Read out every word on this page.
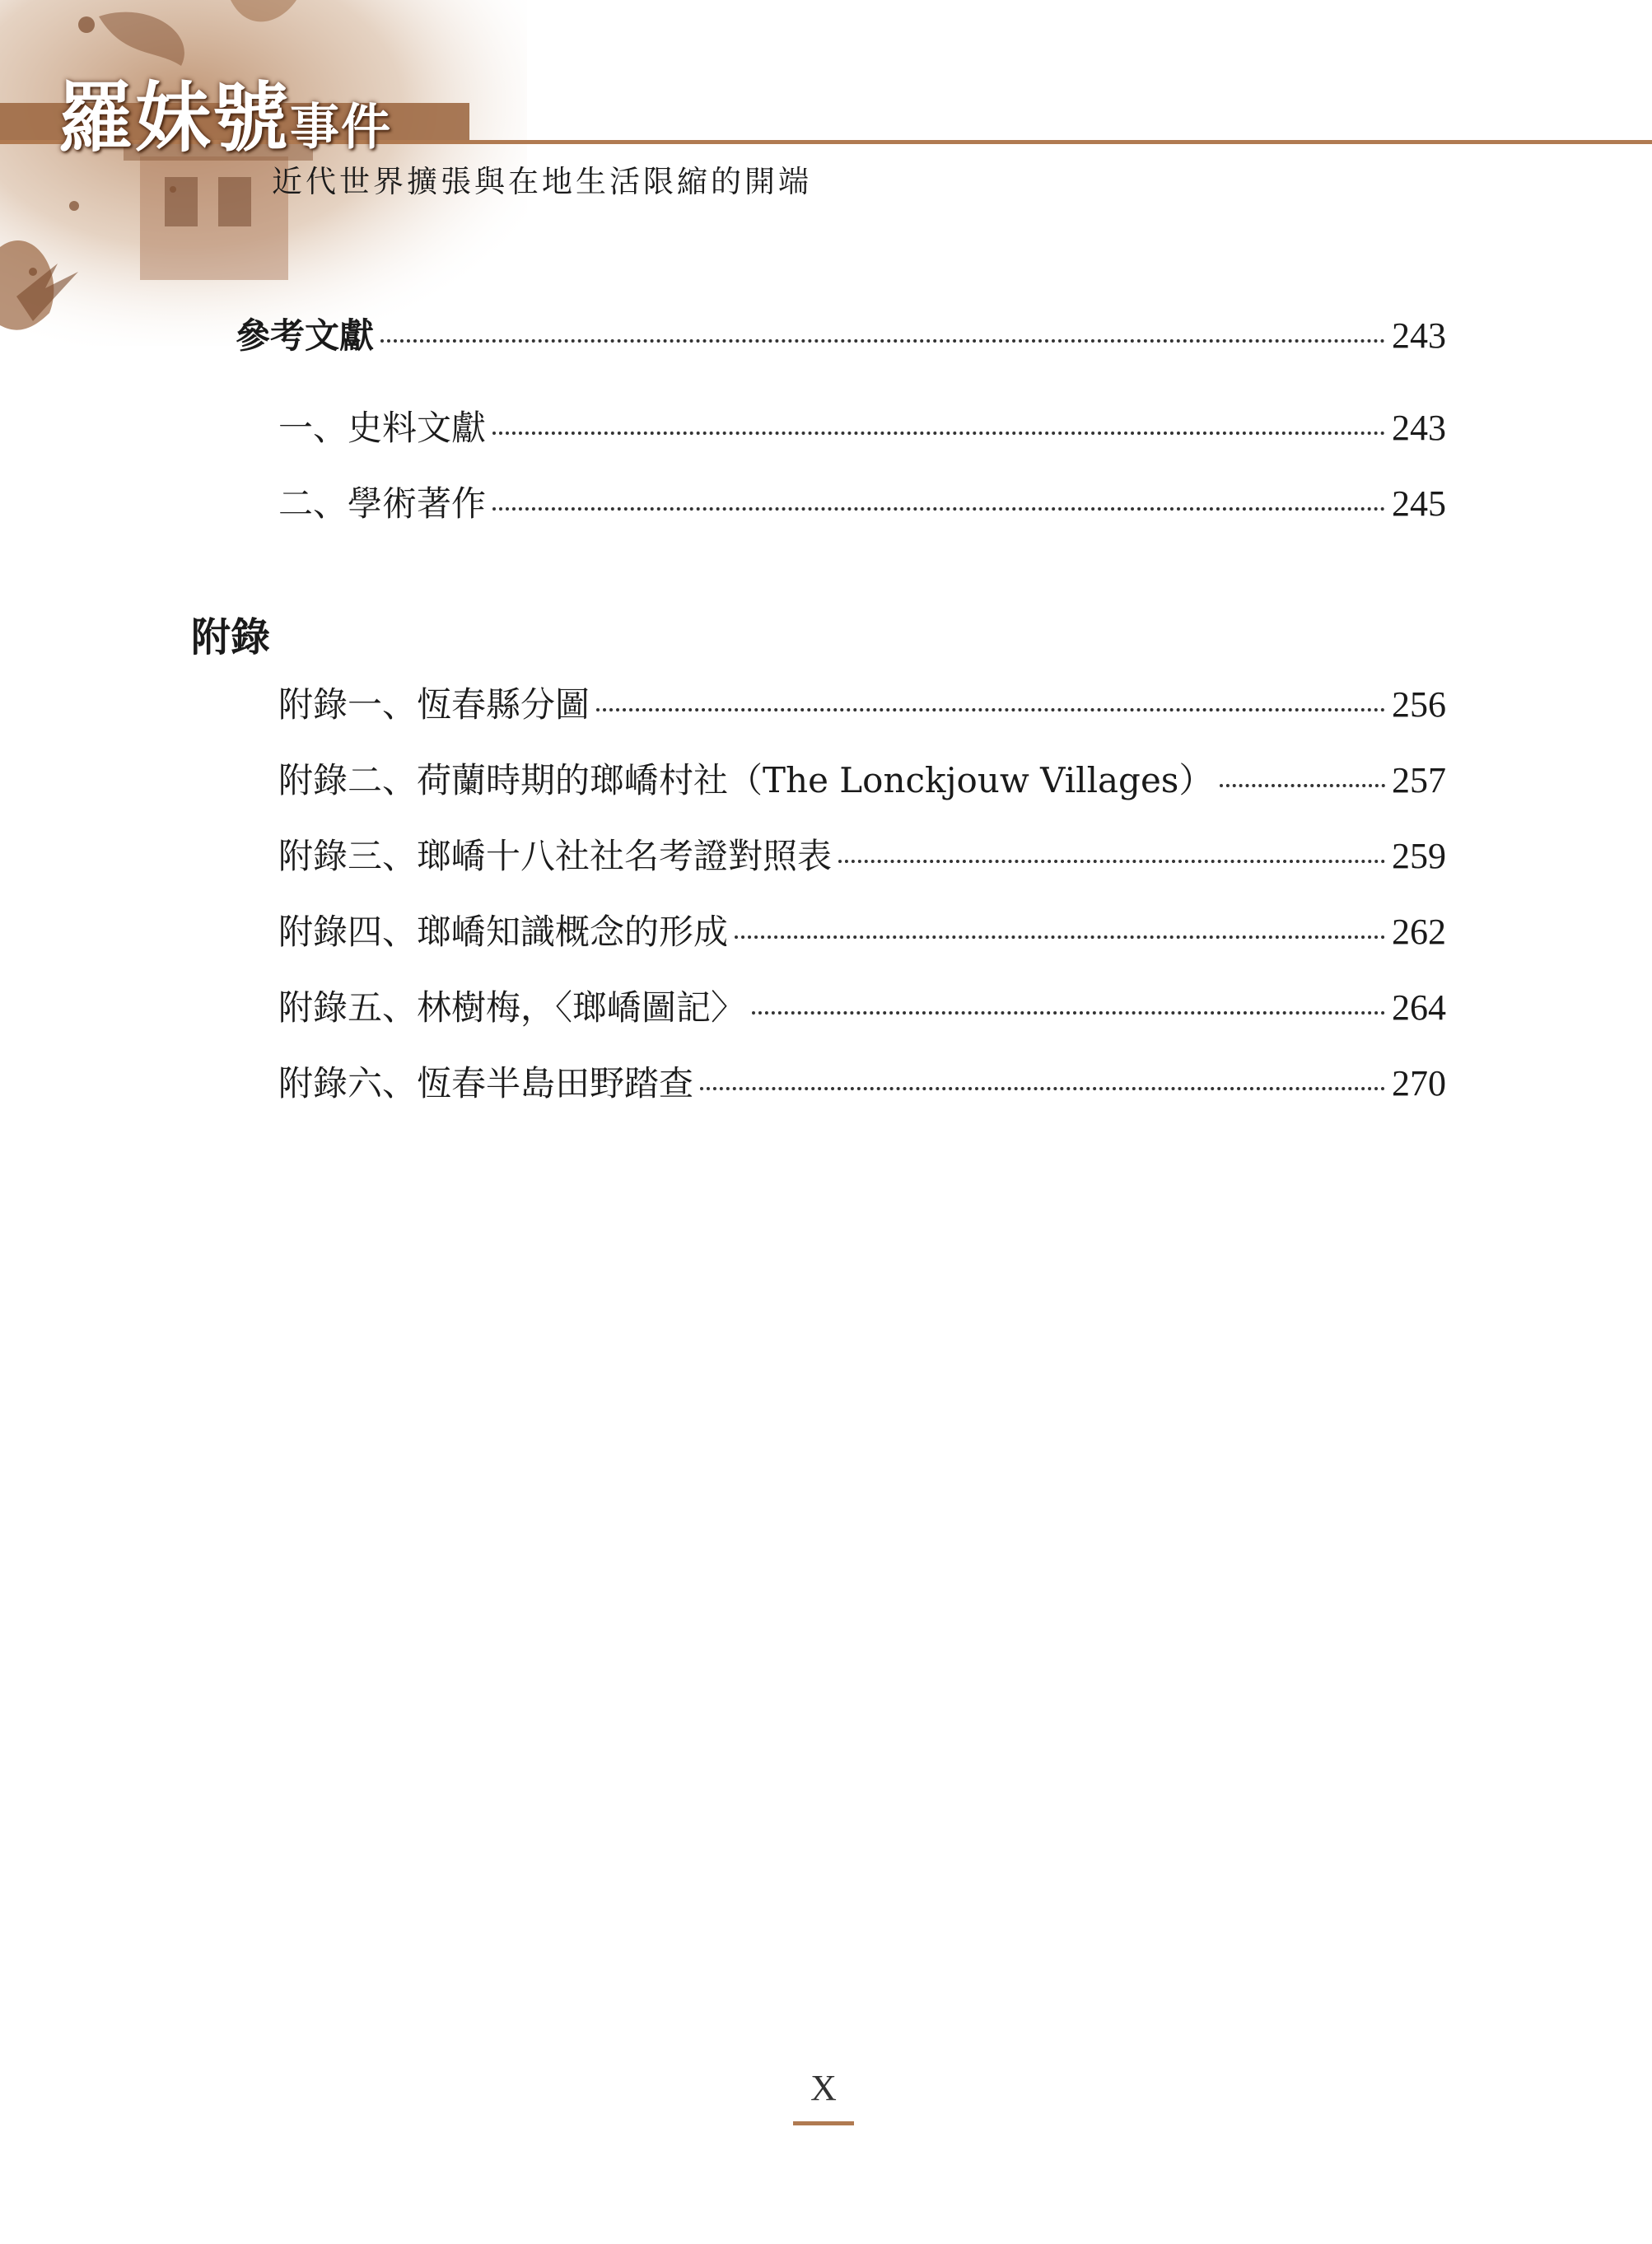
羅妹號事件
近代世界擴張與在地生活限縮的開端
參考文獻	243
一、史料文獻	243
二、學術著作	245
附錄
附錄一、恆春縣分圖	256
附錄二、荷蘭時期的瑯嶠村社（The Lonckjouw Villages）	257
附錄三、瑯嶠十八社社名考證對照表	259
附錄四、瑯嶠知識概念的形成	262
附錄五、林樹梅，〈瑯嶠圖記〉	264
附錄六、恆春半島田野踏查	270
X
